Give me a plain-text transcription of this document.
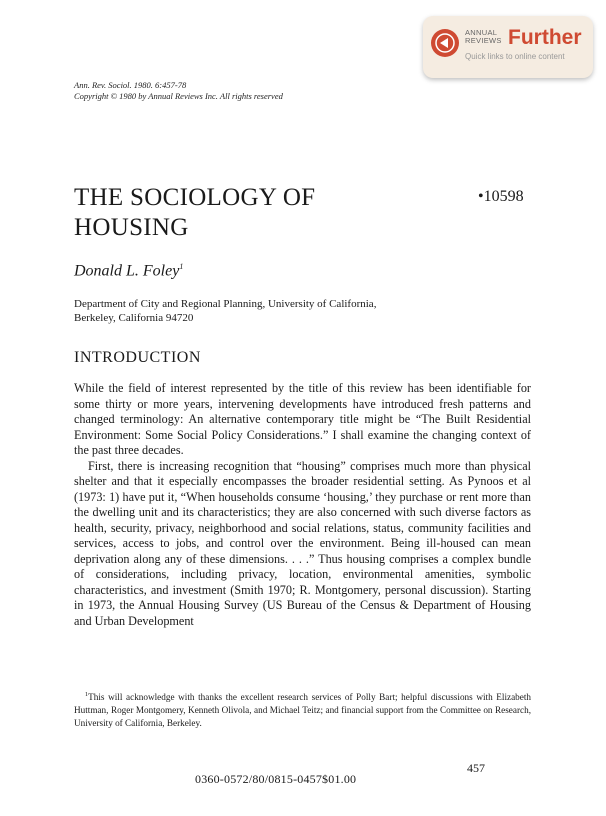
ANNUAL
REVIEWS Further
Quick links to online content
Ann. Rev. Sociol. 1980. 6:457-78
Copyright © 1980 by Annual Reviews Inc. All rights reserved
THE SOCIOLOGY OF
HOUSING
•10598
Donald L. Foley$^1$
Department of City and Regional Planning, University of California,
Berkeley, California 94720
INTRODUCTION

While the field of interest represented by the title of this review has been identifiable for some thirty or more years, intervening developments have introduced fresh patterns and changed terminology: An alternative contemporary title might be “The Built Residential Environment: Some Social Policy Considerations.” I shall examine the changing context of the past three decades.

First, there is increasing recognition that “housing” comprises much more than physical shelter and that it especially encompasses the broader residential setting. As Pynoos et al (1973: 1) have put it, “When households consume ‘housing,’ they purchase or rent more than the dwelling unit and its characteristics; they are also concerned with such diverse factors as health, security, privacy, neighborhood and social relations, status, community facilities and services, access to jobs, and control over the environment. Being ill-housed can mean deprivation along any of these dimensions. . . .” Thus housing comprises a complex bundle of considerations, including privacy, location, environmental amenities, symbolic characteristics, and investment (Smith 1970; R. Montgomery, personal discussion). Starting in 1973, the Annual Housing Survey (US Bureau of the Census & Department of Housing and Urban Development

$^1$This will acknowledge with thanks the excellent research services of Polly Bart; helpful discussions with Elizabeth Huttman, Roger Montgomery, Kenneth Olivola, and Michael Teitz; and financial support from the Committee on Research, University of California, Berkeley.
457
0360-0572/80/0815-0457$01.00
